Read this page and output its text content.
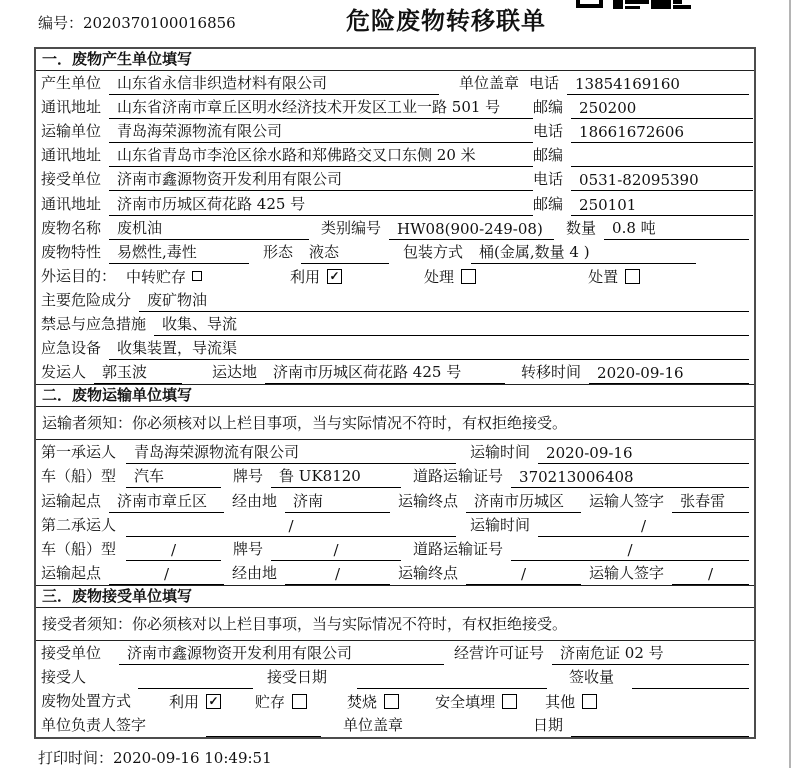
编号：2020370100016856	危险废物转移联单
一．废物产生单位填写
产生单位	山东省永信非织造材料有限公司	单位盖章 电话	13854169160
通讯地址	山东省济南市章丘区明水经济技术开发区工业一路 501 号	邮编	250200
运输单位	青岛海荣源物流有限公司	电话	18661672606
通讯地址	山东省青岛市李沧区徐水路和郑佛路交叉口东侧 20 米	邮编
接受单位	济南市鑫源物资开发利用有限公司	电话	0531-82095390
通讯地址	济南市历城区荷花路 425 号	邮编	250101
废物名称	废机油	类别编号	HW08(900-249-08)	数量	0.8 吨
废物特性	易燃性,毒性	形态	液态	包装方式	桶(金属,数量 4 )
外运目的： 中转贮存	利用 ✓	处理	处置
主要危险成分	废矿物油
禁忌与应急措施	收集、导流
应急设备	收集装置，导流渠
发运人	郭玉波	运达地	济南市历城区荷花路 425 号	转移时间	2020-09-16
二．废物运输单位填写
运输者须知：你必须核对以上栏目事项，当与实际情况不符时，有权拒绝接受。
第一承运人	青岛海荣源物流有限公司	运输时间	2020-09-16
车（船）型	汽车	牌号	鲁 UK8120	道路运输证号	370213006408
运输起点	济南市章丘区	经由地	济南	运输终点	济南市历城区	运输人签字	张春雷
第二承运人	/	运输时间	/
车（船）型	/	牌号	/	道路运输证号	/
运输起点	/	经由地	/	运输终点	/	运输人签字	/
三．废物接受单位填写
接受者须知：你必须核对以上栏目事项，当与实际情况不符时，有权拒绝接受。
接受单位	济南市鑫源物资开发利用有限公司	经营许可证号	济南危证 02 号
接受人	接受日期	签收量
废物处置方式	利用 ✓ 贮存	焚烧	安全填埋	其他
单位负责人签字	单位盖章	日期
打印时间：2020-09-16 10:49:51
